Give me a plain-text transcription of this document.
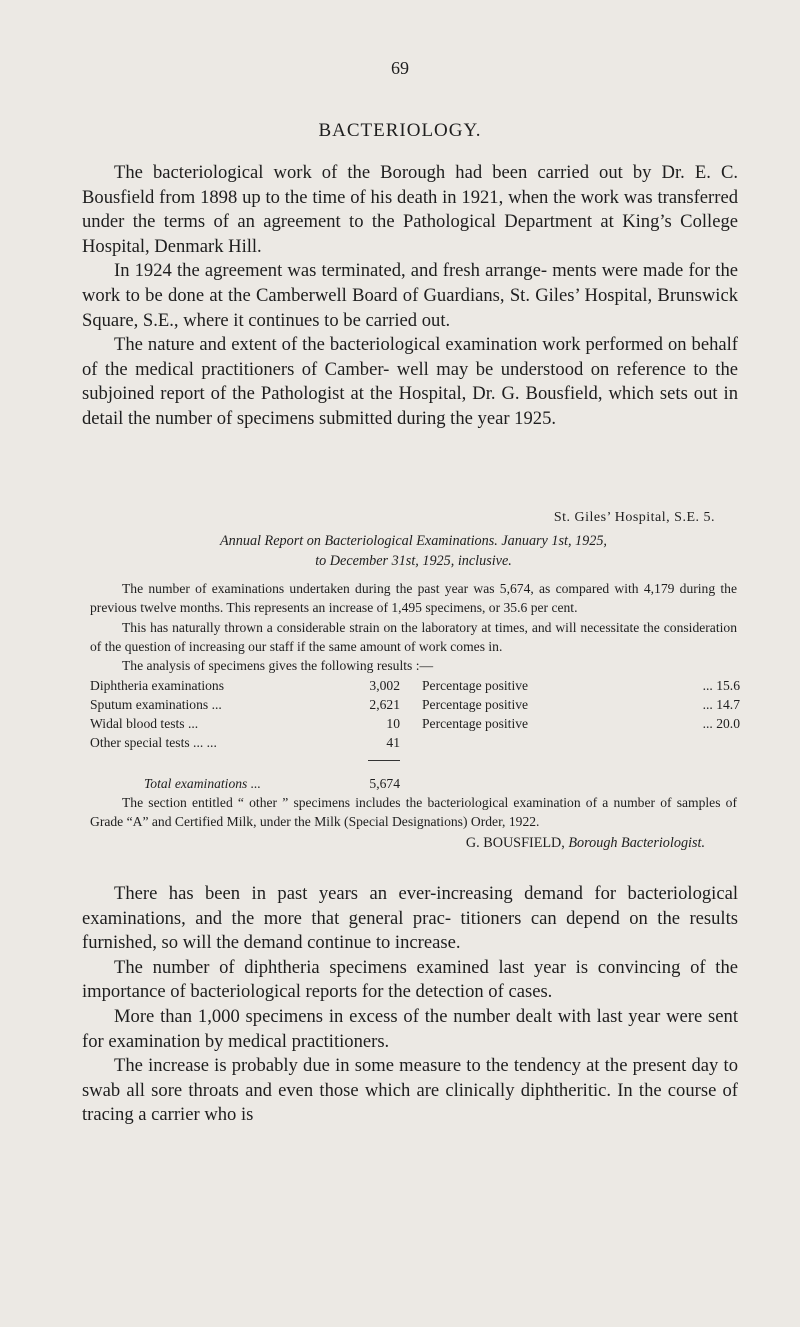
69
BACTERIOLOGY.

The bacteriological work of the Borough had been carried out by Dr. E. C. Bousfield from 1898 up to the time of his death in 1921, when the work was transferred under the terms of an agreement to the Pathological Department at King’s College Hospital, Denmark Hill.

In 1924 the agreement was terminated, and fresh arrange- ments were made for the work to be done at the Camberwell Board of Guardians, St. Giles’ Hospital, Brunswick Square, S.E., where it continues to be carried out.

The nature and extent of the bacteriological examination work performed on behalf of the medical practitioners of Camber- well may be understood on reference to the subjoined report of the Pathologist at the Hospital, Dr. G. Bousfield, which sets out in detail the number of specimens submitted during the year 1925.

St. Giles’ Hospital, S.E. 5.
Annual Report on Bacteriological Examinations. January 1st, 1925,
to December 31st, 1925, inclusive.

The number of examinations undertaken during the past year was 5,674, as compared with 4,179 during the previous twelve months. This represents an increase of 1,495 specimens, or 35.6 per cent.

This has naturally thrown a considerable strain on the laboratory at times, and will necessitate the consideration of the question of increasing our staff if the same amount of work comes in.

The analysis of specimens gives the following results :—

Diphtheria examinations	3,002 Percentage positive	... 15.6
Sputum examinations ...	2,621 Percentage positive	... 14.7
Widal blood tests ...	10 Percentage positive	... 20.0
Other special tests ... ...	41
Total examinations ...	5,674

The section entitled “ other ” specimens includes the bacteriological examination of a number of samples of Grade “A” and Certified Milk, under the Milk (Special Designations) Order, 1922.

G. BOUSFIELD, Borough Bacteriologist.

There has been in past years an ever-increasing demand for bacteriological examinations, and the more that general prac- titioners can depend on the results furnished, so will the demand continue to increase.

The number of diphtheria specimens examined last year is convincing of the importance of bacteriological reports for the detection of cases.

More than 1,000 specimens in excess of the number dealt with last year were sent for examination by medical practitioners.

The increase is probably due in some measure to the tendency at the present day to swab all sore throats and even those which are clinically diphtheritic. In the course of tracing a carrier who is
